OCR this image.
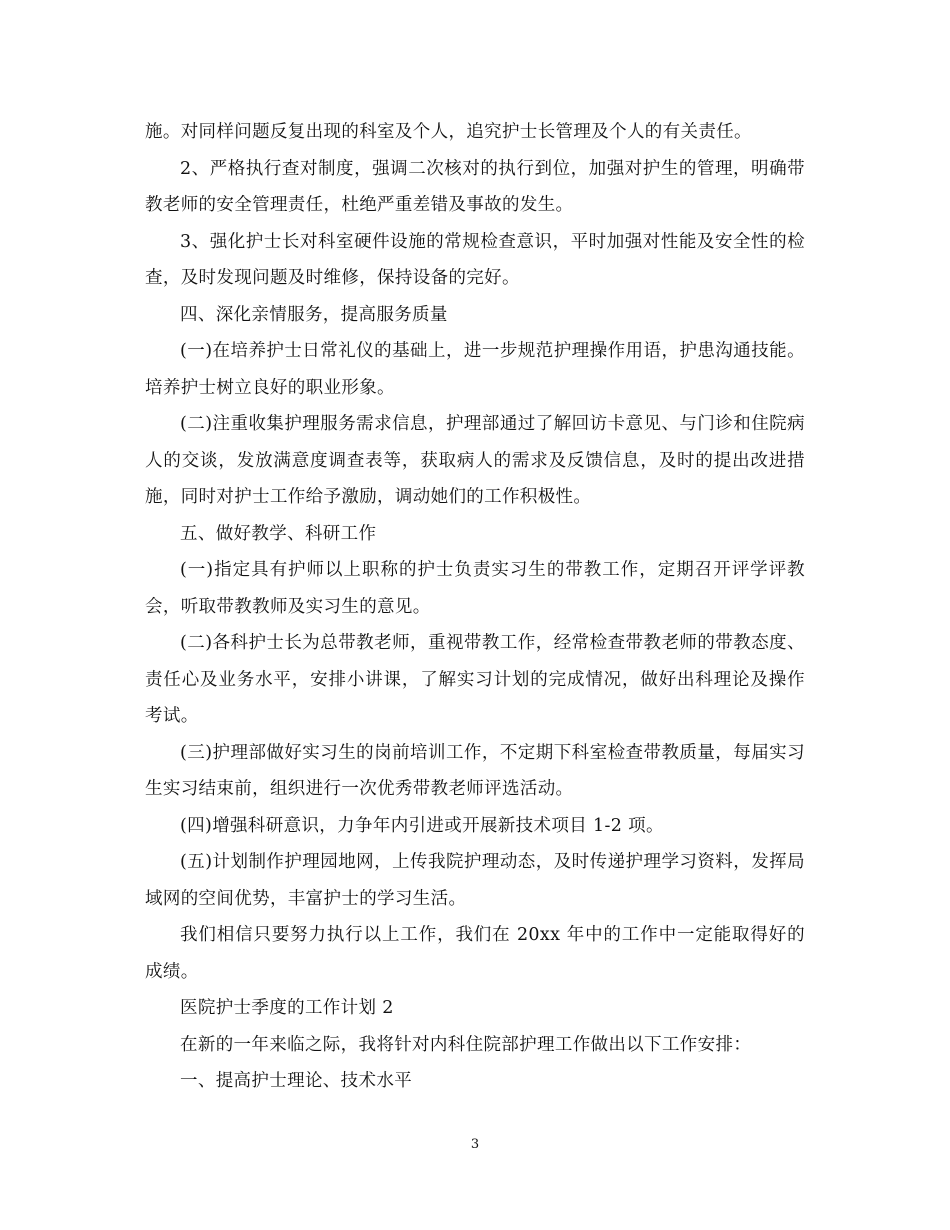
施。对同样问题反复出现的科室及个人，追究护士长管理及个人的有关责任。

2、严格执行查对制度，强调二次核对的执行到位，加强对护生的管理，明确带教老师的安全管理责任，杜绝严重差错及事故的发生。

3、强化护士长对科室硬件设施的常规检查意识，平时加强对性能及安全性的检查，及时发现问题及时维修，保持设备的完好。

四、深化亲情服务，提高服务质量

(一)在培养护士日常礼仪的基础上，进一步规范护理操作用语，护患沟通技能。培养护士树立良好的职业形象。

(二)注重收集护理服务需求信息，护理部通过了解回访卡意见、与门诊和住院病人的交谈，发放满意度调查表等，获取病人的需求及反馈信息，及时的提出改进措施，同时对护士工作给予激励，调动她们的工作积极性。

五、做好教学、科研工作

(一)指定具有护师以上职称的护士负责实习生的带教工作，定期召开评学评教会，听取带教教师及实习生的意见。

(二)各科护士长为总带教老师，重视带教工作，经常检查带教老师的带教态度、责任心及业务水平，安排小讲课，了解实习计划的完成情况，做好出科理论及操作考试。

(三)护理部做好实习生的岗前培训工作，不定期下科室检查带教质量，每届实习生实习结束前，组织进行一次优秀带教老师评选活动。

(四)增强科研意识，力争年内引进或开展新技术项目 1-2 项。

(五)计划制作护理园地网，上传我院护理动态，及时传递护理学习资料，发挥局域网的空间优势，丰富护士的学习生活。

我们相信只要努力执行以上工作，我们在 20xx 年中的工作中一定能取得好的成绩。

医院护士季度的工作计划 2

在新的一年来临之际，我将针对内科住院部护理工作做出以下工作安排：

一、提高护士理论、技术水平

3
